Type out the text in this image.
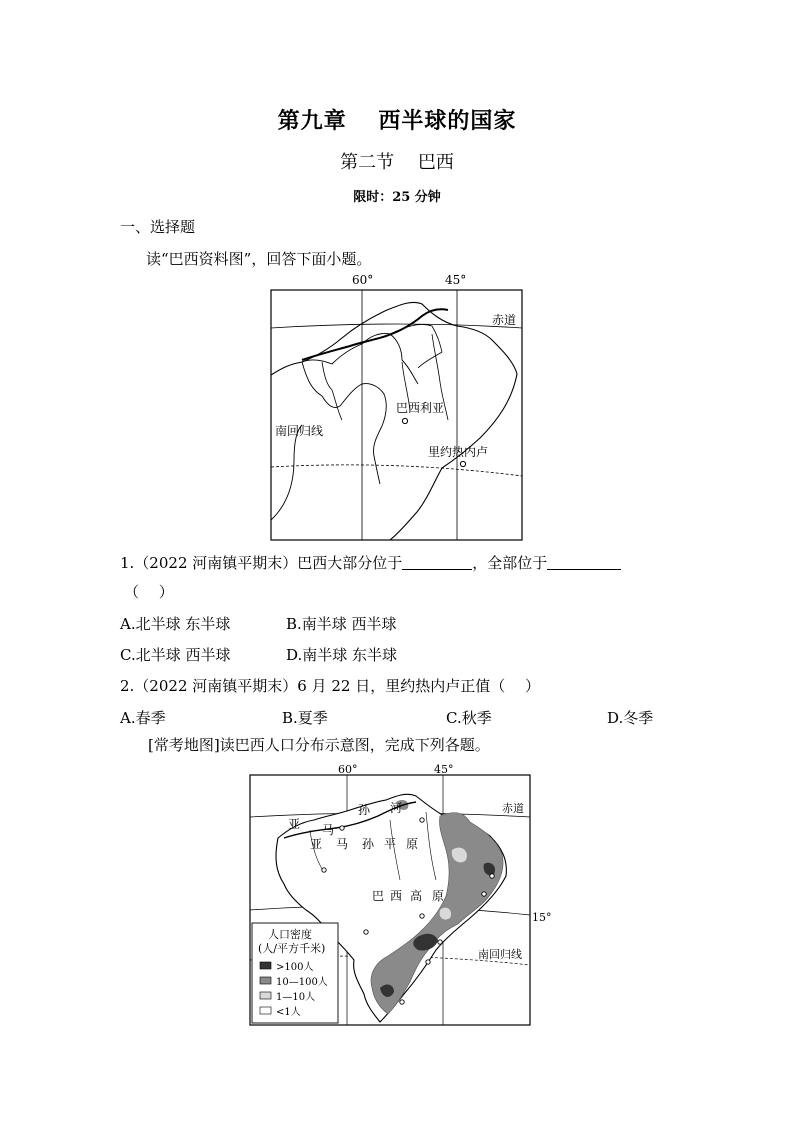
第九章　 西半球的国家
第二节　 巴西
限时：25 分钟
一、选择题
读“巴西资料图”，回答下面小题。
60°	45°
赤道
南回归线
巴西利亚
里约热内卢
1.（2022 河南镇平期末）巴西大部分位于	，全部位于
（　 ）
A.北半球 东半球	B.南半球 西半球
C.北半球 西半球	D.南半球 东半球
2.（2022 河南镇平期末）6 月 22 日，里约热内卢正值（　 ）
A.春季	B.夏季	C.秋季	D.冬季
[常考地图]读巴西人口分布示意图，完成下列各题。
60°	45°
赤道
15°
南回归线
亚 马
孙 河
亚 马 孙 平 原
巴 西 高 原
人口密度
(人/平方千米)
>100人
10—100人
1—10人
<1人
